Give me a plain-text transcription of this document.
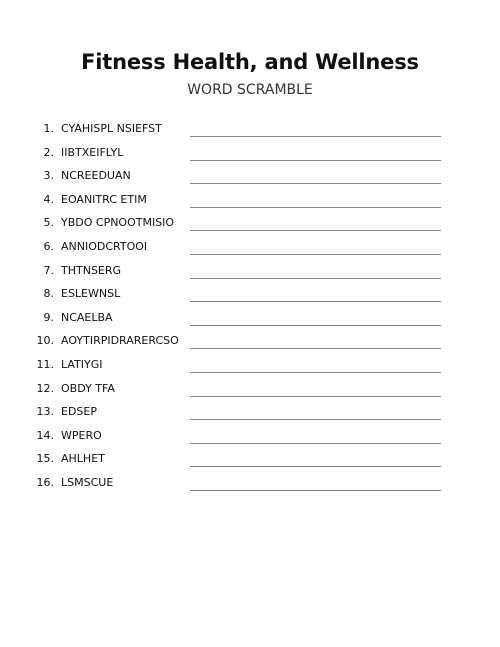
Fitness Health, and Wellness
WORD SCRAMBLE
1. CYAHISPL NSIEFST
2. IIBTXEIFLYL
3. NCREEDUAN
4. EOANITRC ETIM
5. YBDO CPNOOTMISIO
6. ANNIODCRTOOI
7. THTNSERG
8. ESLEWNSL
9. NCAELBA
10. AOYTIRPIDRARERCSO
11. LATIYGI
12. OBDY TFA
13. EDSEP
14. WPERO
15. AHLHET
16. LSMSCUE
